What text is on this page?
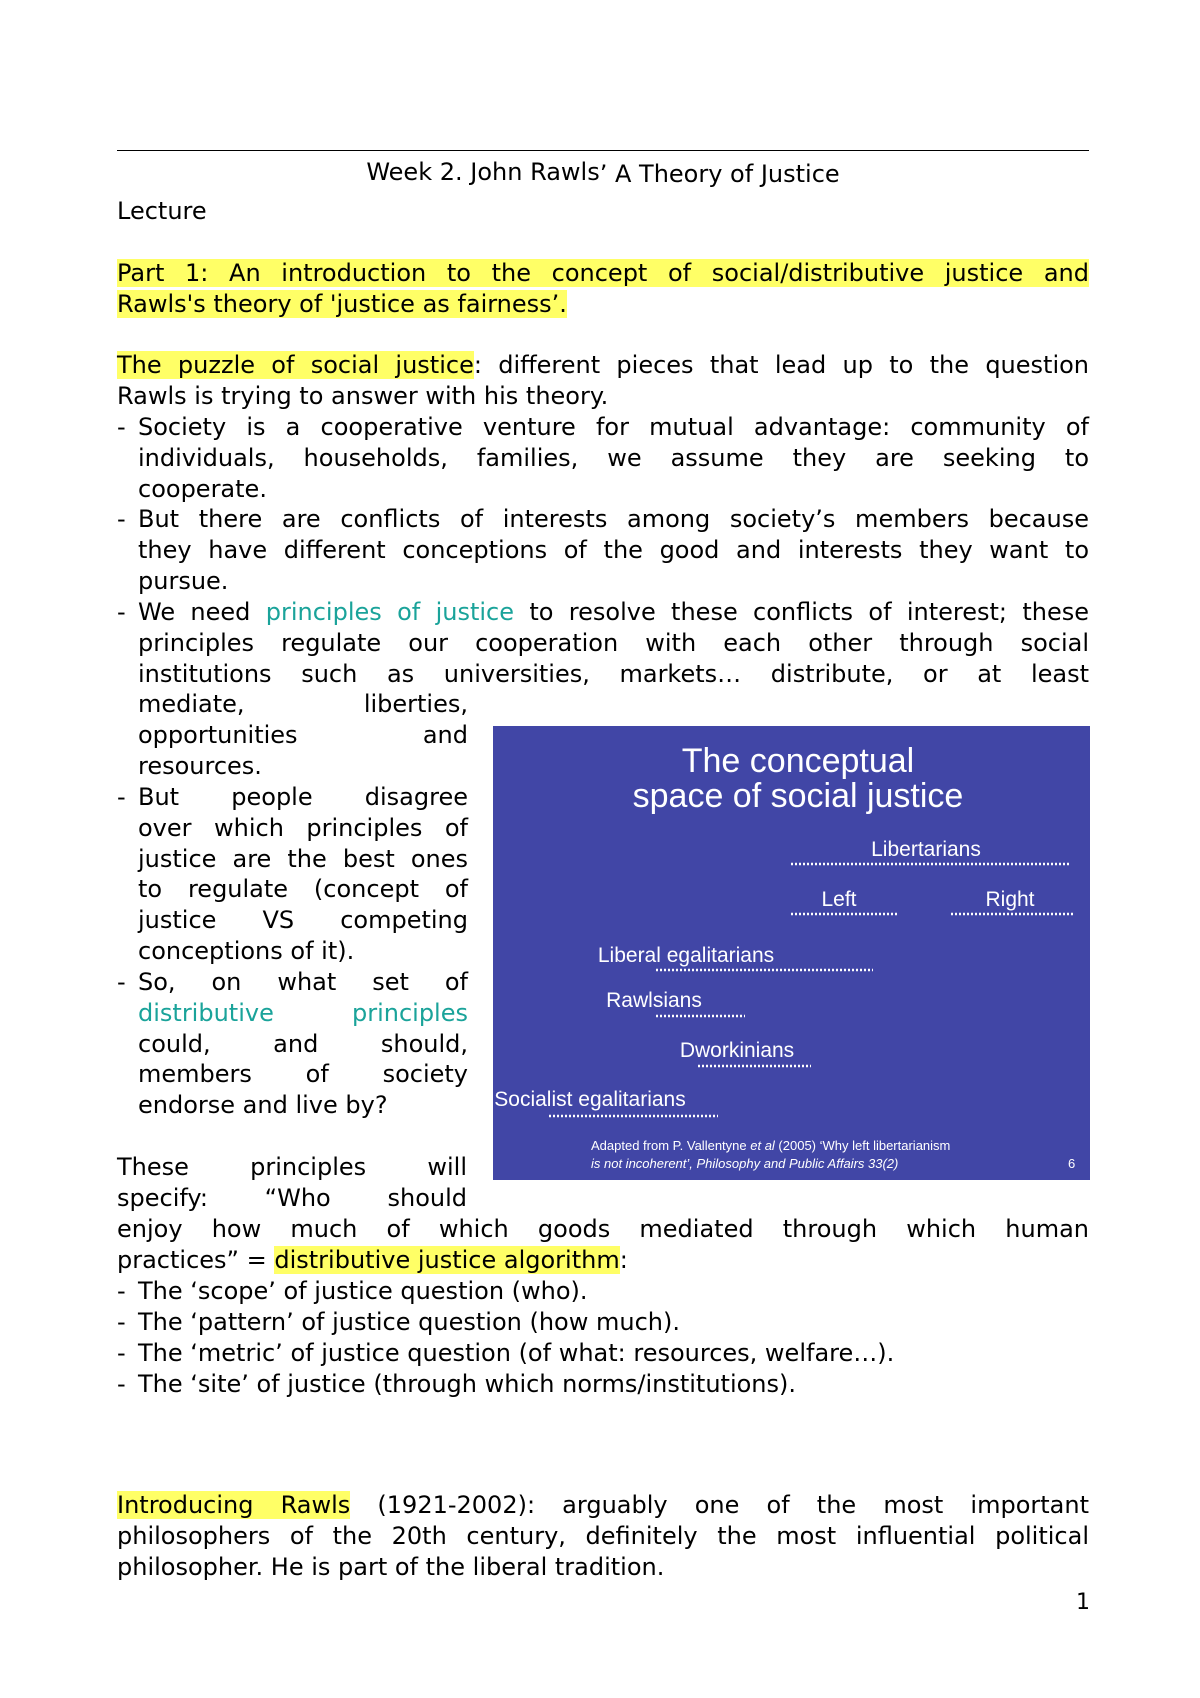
Week 2. John Rawls’ A Theory of Justice
Lecture
Part 1: An introduction to the concept of social/distributive justice and
Rawls's theory of 'justice as fairness’.
The puzzle of social justice: different pieces that lead up to the question
Rawls is trying to answer with his theory.
- Society is a cooperative venture for mutual advantage: community of
individuals, households, families, we assume they are seeking to
cooperate.
- But there are conflicts of interests among society’s members because
they have different conceptions of the good and interests they want to
pursue.
- We need principles of justice to resolve these conflicts of interest; these
principles regulate our cooperation with each other through social
institutions such as universities, markets… distribute, or at least
mediate, liberties,
opportunities and
resources.
- But people disagree
over which principles of
justice are the best ones
to regulate (concept of
justice VS competing
conceptions of it).
- So, on what set of
distributive principles
could, and should,
members of society
endorse and live by?
The conceptual
space of social justice
Libertarians
Left	Right
Liberal egalitarians
Rawlsians
Dworkinians
Socialist egalitarians
Adapted from P. Vallentyne et al (2005) ‘Why left libertarianism
is not incoherent’, Philosophy and Public Affairs 33(2)	6
These principles will
specify: “Who should
enjoy how much of which goods mediated through which human
practices” = distributive justice algorithm:
- The ‘scope’ of justice question (who).
- The ‘pattern’ of justice question (how much).
- The ‘metric’ of justice question (of what: resources, welfare…).
- The ‘site’ of justice (through which norms/institutions).
Introducing Rawls (1921-2002): arguably one of the most important
philosophers of the 20th century, definitely the most influential political
philosopher. He is part of the liberal tradition.
1
